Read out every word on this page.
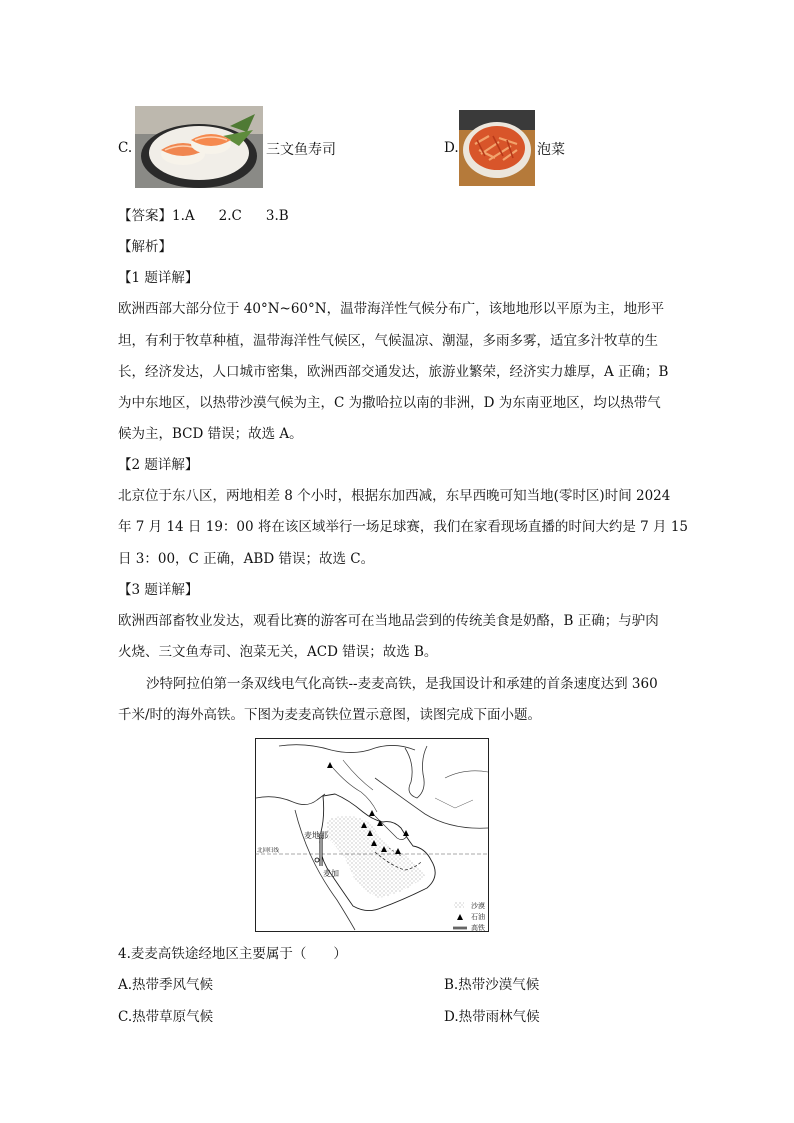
C.	三文鱼寿司	D.	泡菜
【答案】1.A 2.C 3.B
【解析】
【1 题详解】
欧洲西部大部分位于 40°N~60°N，温带海洋性气候分布广，该地地形以平原为主，地形平
坦，有利于牧草种植，温带海洋性气候区，气候温凉、潮湿，多雨多雾，适宜多汁牧草的生
长，经济发达，人口城市密集，欧洲西部交通发达，旅游业繁荣，经济实力雄厚，A 正确；B
为中东地区，以热带沙漠气候为主，C 为撒哈拉以南的非洲，D 为东南亚地区，均以热带气
候为主，BCD 错误；故选 A。
【2 题详解】
北京位于东八区，两地相差 8 个小时，根据东加西减，东早西晚可知当地(零时区)时间 2024
年 7 月 14 日 19：00 将在该区域举行一场足球赛，我们在家看现场直播的时间大约是 7 月 15
日 3：00，C 正确，ABD 错误；故选 C。
【3 题详解】
欧洲西部畜牧业发达，观看比赛的游客可在当地品尝到的传统美食是奶酪，B 正确；与驴肉
火烧、三文鱼寿司、泡菜无关，ACD 错误；故选 B。
沙特阿拉伯第一条双线电气化高铁--麦麦高铁，是我国设计和承建的首条速度达到 360
千米/时的海外高铁。下图为麦麦高铁位置示意图，读图完成下面小题。
沙漠
石油
高铁
麦地那
麦加
北回归线
4.麦麦高铁途经地区主要属于（　　）
A.热带季风气候	B.热带沙漠气候
C.热带草原气候	D.热带雨林气候
